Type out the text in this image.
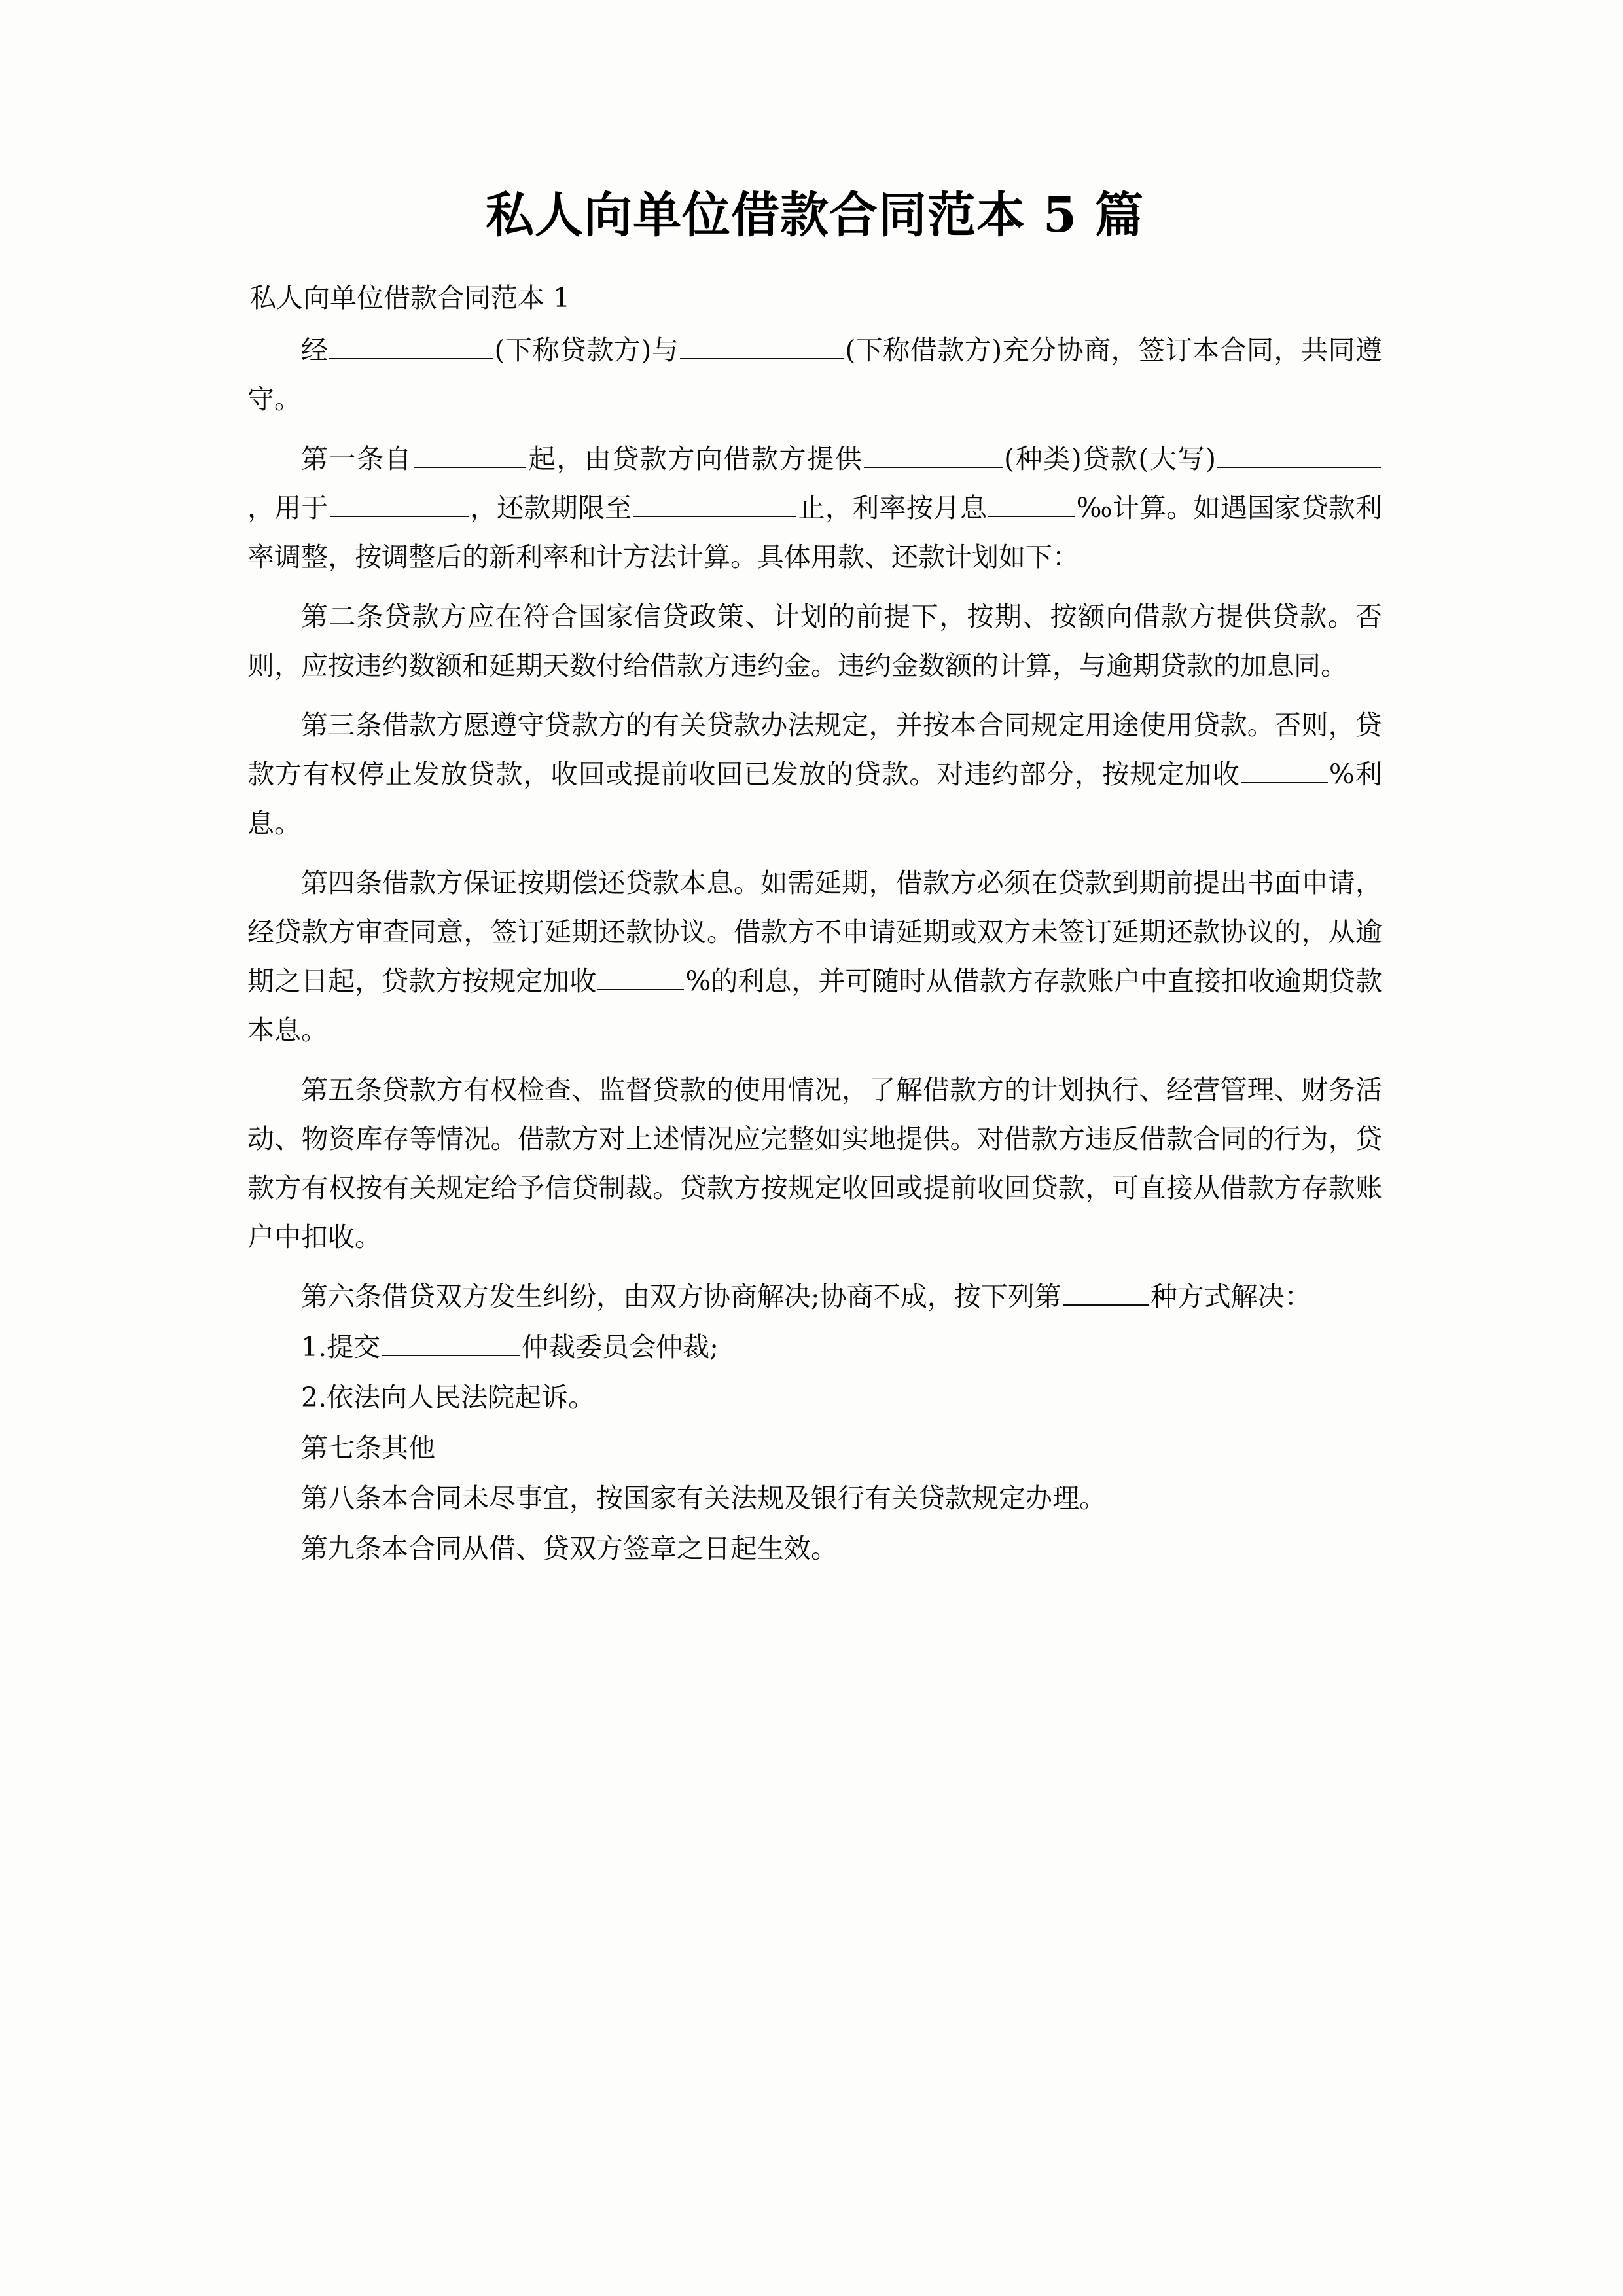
私人向单位借款合同范本 5 篇

私人向单位借款合同范本 1

经	(下称贷款方)与	(下称借款方)充分协商，签订本合同，共同遵守。

第一条自	起，由贷款方向借款方提供	(种类)贷款(大写)，用于	，还款期限至	止，利率按月息	‰计算。如遇国家贷款利率调整，按调整后的新利率和计方法计算。具体用款、还款计划如下：

第二条贷款方应在符合国家信贷政策、计划的前提下，按期、按额向借款方提供贷款。否则，应按违约数额和延期天数付给借款方违约金。违约金数额的计算，与逾期贷款的加息同。

第三条借款方愿遵守贷款方的有关贷款办法规定，并按本合同规定用途使用贷款。否则，贷款方有权停止发放贷款，收回或提前收回已发放的贷款。对违约部分，按规定加收	%利息。

第四条借款方保证按期偿还贷款本息。如需延期，借款方必须在贷款到期前提出书面申请，经贷款方审查同意，签订延期还款协议。借款方不申请延期或双方未签订延期还款协议的，从逾期之日起，贷款方按规定加收	%的利息，并可随时从借款方存款账户中直接扣收逾期贷款本息。

第五条贷款方有权检查、监督贷款的使用情况，了解借款方的计划执行、经营管理、财务活动、物资库存等情况。借款方对上述情况应完整如实地提供。对借款方违反借款合同的行为，贷款方有权按有关规定给予信贷制裁。贷款方按规定收回或提前收回贷款，可直接从借款方存款账户中扣收。

第六条借贷双方发生纠纷，由双方协商解决;协商不成，按下列第	种方式解决：

1.提交	仲裁委员会仲裁;

2.依法向人民法院起诉。

第七条其他

第八条本合同未尽事宜，按国家有关法规及银行有关贷款规定办理。

第九条本合同从借、贷双方签章之日起生效。
